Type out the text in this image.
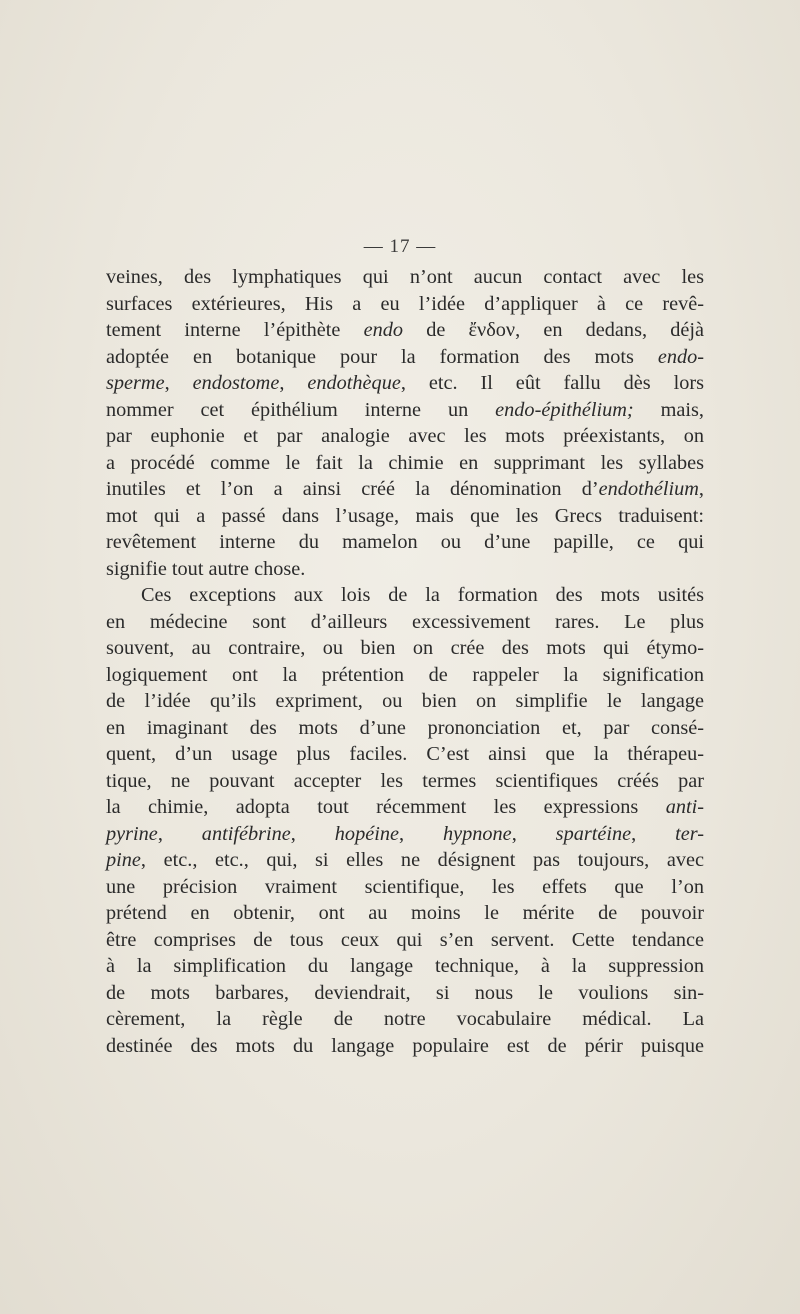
— 17 —
veines, des lymphatiques qui n’ont aucun contact avec les
surfaces extérieures, His a eu l’idée d’appliquer à ce revê-
tement interne l’épithète endo de ἔνδον, en dedans, déjà
adoptée en botanique pour la formation des mots endo-
sperme, endostome, endothèque, etc. Il eût fallu dès lors
nommer cet épithélium interne un endo-épithélium; mais,
par euphonie et par analogie avec les mots préexistants, on
a procédé comme le fait la chimie en supprimant les syllabes
inutiles et l’on a ainsi créé la dénomination d’endothélium,
mot qui a passé dans l’usage, mais que les Grecs traduisent:
revêtement interne du mamelon ou d’une papille, ce qui
signifie tout autre chose.
Ces exceptions aux lois de la formation des mots usités
en médecine sont d’ailleurs excessivement rares. Le plus
souvent, au contraire, ou bien on crée des mots qui étymo-
logiquement ont la prétention de rappeler la signification
de l’idée qu’ils expriment, ou bien on simplifie le langage
en imaginant des mots d’une prononciation et, par consé-
quent, d’un usage plus faciles. C’est ainsi que la thérapeu-
tique, ne pouvant accepter les termes scientifiques créés par
la chimie, adopta tout récemment les expressions anti-
pyrine, antifébrine, hopéine, hypnone, spartéine, ter-
pine, etc., etc., qui, si elles ne désignent pas toujours, avec
une précision vraiment scientifique, les effets que l’on
prétend en obtenir, ont au moins le mérite de pouvoir
être comprises de tous ceux qui s’en servent. Cette tendance
à la simplification du langage technique, à la suppression
de mots barbares, deviendrait, si nous le voulions sin-
cèrement, la règle de notre vocabulaire médical. La
destinée des mots du langage populaire est de périr puisque
